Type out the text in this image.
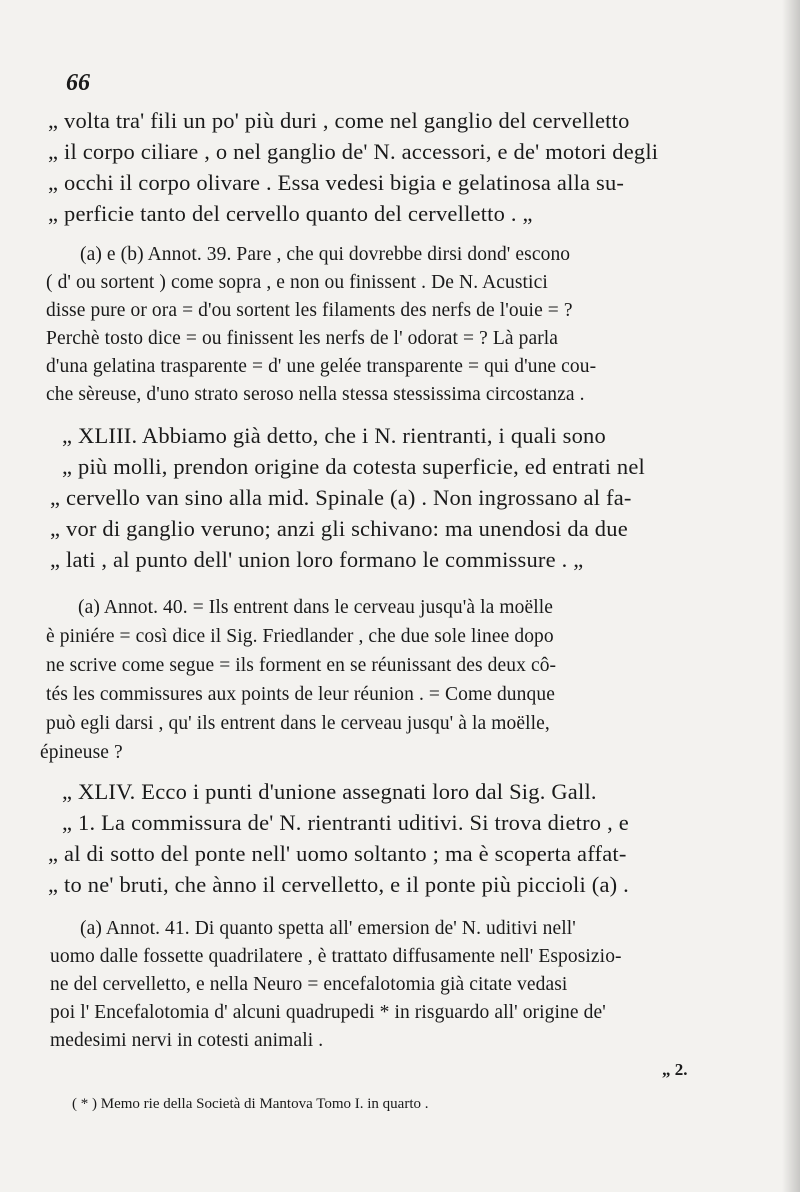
66
„ volta tra' fili un po' più duri , come nel ganglio del cervelletto
„ il corpo ciliare , o nel ganglio de' N. accessori, e de' motori degli
„ occhi il corpo olivare . Essa vedesi bigia e gelatinosa alla su-
„ perficie tanto del cervello quanto del cervelletto . „
(a) e (b) Annot. 39. Pare , che qui dovrebbe dirsi dond' escono
( d' ou sortent ) come sopra , e non ou finissent . De N. Acustici
disse pure or ora = d'ou sortent les filaments des nerfs de l'ouie = ?
Perchè tosto dice = ou finissent les nerfs de l' odorat = ? Là parla
d'una gelatina trasparente = d' une gelée transparente = qui d'une cou-
che sèreuse, d'uno strato seroso nella stessa stessissima circostanza .
„ XLIII. Abbiamo già detto, che i N. rientranti, i quali sono
„ più molli, prendon origine da cotesta superficie, ed entrati nel
„ cervello van sino alla mid. Spinale (a) . Non ingrossano al fa-
„ vor di ganglio veruno; anzi gli schivano: ma unendosi da due
„ lati , al punto dell' union loro formano le commissure . „
(a) Annot. 40. = Ils entrent dans le cerveau jusqu'à la moëlle
è piniére = così dice il Sig. Friedlander , che due sole linee dopo
ne scrive come segue = ils forment en se réunissant des deux cô-
tés les commissures aux points de leur réunion . = Come dunque
può egli darsi , qu' ils entrent dans le cerveau jusqu' à la moëlle,
épineuse ?
„ XLIV. Ecco i punti d'unione assegnati loro dal Sig. Gall.
„ 1. La commissura de' N. rientranti uditivi. Si trova dietro , e
„ al di sotto del ponte nell' uomo soltanto ; ma è scoperta affat-
„ to ne' bruti, che ànno il cervelletto, e il ponte più piccioli (a) .
(a) Annot. 41. Di quanto spetta all' emersion de' N. uditivi nell'
uomo dalle fossette quadrilatere , è trattato diffusamente nell' Esposizio-
ne del cervelletto, e nella Neuro = encefalotomia già citate vedasi
poi l' Encefalotomia d' alcuni quadrupedi * in risguardo all' origine de'
medesimi nervi in cotesti animali .
„ 2.
( * ) Memo rie della Società di Mantova Tomo I. in quarto .
